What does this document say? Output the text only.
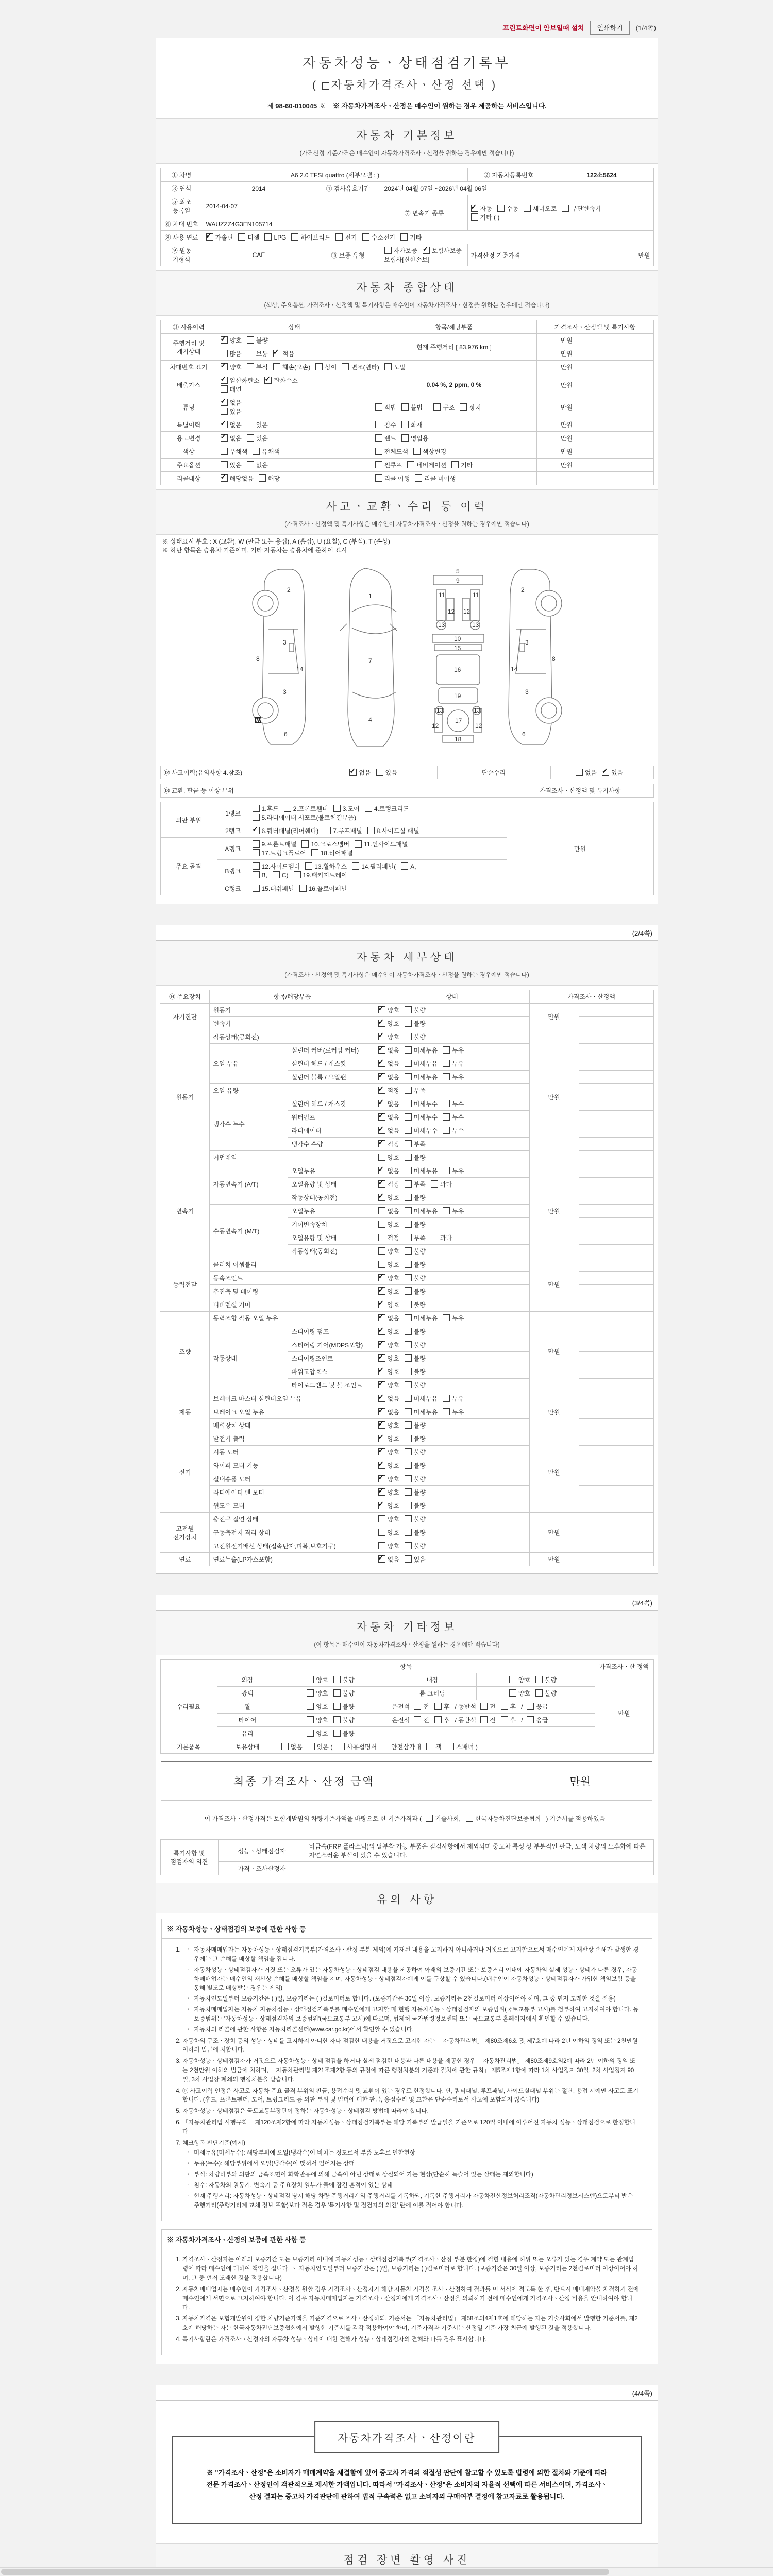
프린트화면이 안보일때 설치	인쇄하기	(1/4쪽)
자동차성능ㆍ상태점검기록부
( 자동차가격조사ㆍ산정 선택 )
제 98-60-010045 호 ※ 자동차가격조사ㆍ산정은 매수인이 원하는 경우 제공하는 서비스입니다.
자동차 기본정보
(가격산정 기준가격은 매수인이 자동차가격조사ㆍ산정을 원하는 경우에만 적습니다)
① 차명	A6 2.0 TFSI quattro (세부모델 : )			② 자동차등록번호	122소5624
③ 연식	2014	④ 검사유효기간	2024년 04월 07일 ~2026년 04월 06일		
⑤ 최초 등록일	2014-04-07		⑦ 변속기 종류	✓자동 수동 세미오토 무단변속기
기타 ( )
⑥ 차대 번호	WAUZZZ4G3EN105714				
⑧ 사용 연료	✓가솔린 디젤 LPG 하이브리드 전기 수소전기 기타
⑨ 원동 기형식	CAE	⑩ 보증 유형	자가보증 ✓ 보험사보증 보험사[신한손보]	가격산정 기준가격	만원
자동차 종합상태
(색상, 주요옵션, 가격조사ㆍ산정액 및 특기사항은 매수인이 자동차가격조사ㆍ산정을 원하는 경우에만 적습니다)
⑪ 사용이력	상태	항목/해당부품	가격조사ㆍ산정액 및 특기사항	
주행거리 및 계기상태	✓양호 불량	현재 주행거리 [ 83,976 km ]	만원	
	많음 보통 ✓ 적음		만원	
차대번호 표기	✓양호 부식 훼손(오손) 상이 변조(변타) 도말		만원	
배출가스	✓일산화탄소 ✓ 탄화수소
매연	0.04 %, 2 ppm, 0 %	만원	
튜닝	✓없음
있음	적법 불법 구조 장치	만원	
특별이력	✓없음 있음	침수 화재	만원	
용도변경	✓없음 있음	렌트 영업용	만원	
색상	무채색 유채색	전체도색 색상변경	만원	
주요옵션	있음 없음	썬루프 네비게이션 기타	만원	
리콜대상	✓해당없음 해당	리콜 이행 리콜 미이행		
사고ㆍ교환ㆍ수리 등 이력
(가격조사ㆍ산정액 및 특기사항은 매수인이 자동차가격조사ㆍ산정을 원하는 경우에만 적습니다)
※ 상태표시 부호 : X (교환), W (판금 또는 용접), A (흠집), U (요철), C (부식), T (손상)
※ 하단 항목은 승용차 기준이며, 기타 자동차는 승용차에 준하여 표시
2
3
8
14
3
6
W
1
7
4
5
9
11	11
12 12
13	13
10
15
16
19
13	13
12	12
17
18
2
3
8
14
3
6
⑫ 사고이력(유의사항 4.참조)	✓없음 있음	단순수리	없음 ✓ 있음
⑬ 교환, 판금 등 이상 부위	가격조사ㆍ산정액 및 특기사항
외판 부위	1랭크	1.후드 2.프론트휀더 3.도어 4.트렁크리드
5.라디에이터 서포트(볼트체결부품)	만원
	2랭크	✓6.쿼터패널(리어휀다) 7.루프패널 8.사이드실 패널
주요 골격	A랭크	9.프론트패널 10.크로스멤버 11.인사이드패널
17.트렁크플로어 18.리어패널	
	B랭크	12.사이드멤버 13.휠하우스 14.필러패널( A,
B, C) 19.패키지트레이	
	C랭크	15.대쉬패널 16.플로어패널	
(2/4쪽)
자동차 세부상태
(가격조사ㆍ산정액 및 특기사항은 매수인이 자동차가격조사ㆍ산정을 원하는 경우에만 적습니다)
⑭ 주요장치	항목/해당부품		상태	가격조사ㆍ산정액	
자기진단	원동기	✓양호 불량	만원	
	변속기	✓양호 불량	
원동기	작동상태(공회전)	✓양호 불량	만원	
	오일 누유	실린더 커버(로커암 커버)	✓없음 미세누유 누유	
		실린더 헤드 / 개스킷	✓없음 미세누유 누유	
		실린더 블록 / 오일팬	✓없음 미세누유 누유	
	오일 유량	✓적정 부족	
	냉각수 누수	실린더 헤드 / 개스킷	✓없음 미세누수 누수	
		워터펌프	✓없음 미세누수 누수	
		라디에이터	✓없음 미세누수 누수	
		냉각수 수량	✓적정 부족	
	커먼레일		양호 불량		
변속기	자동변속기 (A/T)	오일누유	✓없음 미세누유 누유	만원	
		오일유량 및 상태	✓적정 부족 과다	
		작동상태(공회전)	✓양호 불량	
	수동변속기 (M/T)	오일누유	없음 미세누유 누유		
		기어변속장치	양호 불량		
		오일유량 및 상태	적정 부족 과다		
		작동상태(공회전)	양호 불량		
동력전달	클러치 어셈블리		양호 불량	만원	
	등속조인트	✓양호 불량	
	추진축 및 베어링	✓양호 불량	
	디퍼렌셜 기어	✓양호 불량	
조향	동력조향 작동 오일 누유	✓없음 미세누유 누유	만원	
	작동상태	스티어링 펌프	✓양호 불량	
		스티어링 기어(MDPS포함)	✓양호 불량	
		스티어링조인트	✓양호 불량	
		파워고압호스	✓양호 불량	
		타이로드엔드 및 볼 조인트	✓양호 불량	
제동	브레이크 마스터 실린더오일 누유	✓없음 미세누유 누유	만원	
	브레이크 오일 누유	✓없음 미세누유 누유	
	배력장치 상태	✓양호 불량	
전기	발전기 출력	✓양호 불량	만원	
	시동 모터	✓양호 불량	
	와이퍼 모터 기능	✓양호 불량	
	실내송풍 모터	✓양호 불량	
	라디에이터 팬 모터	✓양호 불량	
	윈도우 모터	✓양호 불량	
고전원 전기장치	충전구 절연 상태		양호 불량	만원	
	구동축전지 격리 상태		양호 불량		
	고전원전기배선 상태(접속단자,피복,보호기구)		양호 불량		
연료	연료누출(LP가스포함)	✓없음 있음	만원	
(3/4쪽)
자동차 기타정보
(이 항목은 매수인이 자동차가격조사ㆍ산정을 원하는 경우에만 적습니다)
	항목				가격조사ㆍ산 정액
수리필요	외장	양호 불량	내장	양호 불량	만원
	광택	양호 불량	룸 크리닝	양호 불량	
	휠	양호 불량	운전석 전 후 / 동반석 전 후 / 응급		
	타이어	양호 불량	운전석 전 후 / 동반석 전 후 / 응급		
	유리	양호 불량			
기본품목	보유상태	없음 있음 ( 사용설명서 안전삼각대 잭 스패너 )			
최종 가격조사ㆍ산정 금액	만원
이 가격조사ㆍ산정가격은 보험개발원의 차량기준가액을 바탕으로 한 기준가격과 ( 기술사회, 한국자동차진단보증협회 ) 기준서를 적용하였음
특기사항 및 점검자의 의견	성능ㆍ상태점검자	비금속(FRP 플라스틱)의 탈부착 가능 부품은 점검사항에서 제외되며 중고차 특성 상 부분적인 판금, 도색 차량의 노후화에 따른 자연스러운 부식이 있을 수 있습니다.
	가격ㆍ조사산정자	
유의 사항
※ 자동차성능ㆍ상태점검의 보증에 관한 사항 등
◦ 1. 자동차매매업자는 자동차성능ㆍ상태점검기록부(가격조사ㆍ산정 부분 제외)에 기재된 내용을 고지하지 아니하거나 거짓으로 고지함으로써 매수인에게 재산상 손해가 발생한 경우에는 그 손해를 배상할 책임을 집니다.
◦ 자동차성능ㆍ상태점검자가 거짓 또는 오류가 있는 자동차성능ㆍ상태점검 내용을 제공하여 아래의 보증기간 또는 보증거리 이내에 자동차의 실제 성능ㆍ상태가 다른 경우, 자동차매매업자는 매수인의 재산상 손해를 배상할 책임을 지며, 자동차성능ㆍ상태점검자에게 이를 구상할 수 있습니다.(매수인이 자동차성능ㆍ상태점검자가 가입한 책임보험 등을 통해 별도로 배상받는 경우는 제외)
◦ 자동차인도일부터 보증기간은 ( )일, 보증거리는 ( )킬로미터로 합니다. (보증기간은 30일 이상, 보증거리는 2천킬로미터 이상이어야 하며, 그 중 먼저 도래한 것을 적용)
◦ 자동차매매업자는 자동차 자동차성능ㆍ상태점검기록부를 매수인에게 고지할 때 현행 자동차성능ㆍ상태점검자의 보증범위(국토교통부 고시)를 첨부하여 고지하여야 합니다. 동 보증범위는 '자동차성능ㆍ상태점검자의 보증범위'(국토교통부 고시)에 따르며, 법제처 국가법령정보센터 또는 국토교통부 홈페이지에서 확인할 수 있습니다.
◦ 자동차의 리콜에 관한 사항은 자동차리콜센터(www.car.go.kr)에서 확인할 수 있습니다.
2. 자동차의 구조ㆍ장치 등의 성능ㆍ상태를 고지하지 아니한 자나 점검한 내용을 거짓으로 고지한 자는 「자동차관리법」 제80조제6호 및 제7호에 따라 2년 이하의 징역 또는 2천만원 이하의 벌금에 처합니다.
3. 자동차성능ㆍ상태점검자가 거짓으로 자동차성능ㆍ상태 점검을 하거나 실제 점검한 내용과 다른 내용을 제공한 경우 「자동차관리법」 제80조제9호의2에 따라 2년 이하의 징역 또는 2천만원 이하의 벌금에 처하며, 「자동차관리법 제21조제2항 등의 규정에 따른 행정처분의 기준과 절차에 관한 규칙」 제5조제1항에 따라 1차 사업정지 30일, 2차 사업정지 90일, 3차 사업장 폐쇄의 행정처분을 받습니다.
4. ⑫ 사고이력 인정은 사고로 자동차 주요 골격 부위의 판금, 용접수리 및 교환이 있는 경우로 한정합니다. 단, 쿼터패널, 루프패널, 사이드실패널 부위는 절단, 용접 시에만 사고로 표기합니다. (후드, 프론트펜더, 도어, 트렁크리드 등 외판 부위 및 범퍼에 대한 판금, 용접수리 및 교환은 단순수리로서 사고에 포함되지 않습니다)
5. 자동차성능ㆍ상태점검은 국토교통부장관이 정하는 자동차성능ㆍ상태점검 방법에 따라야 합니다.
6. 「자동차관리법 시행규칙」 제120조제2항에 따라 자동차성능ㆍ상태점검기록부는 해당 기록부의 발급일을 기준으로 120일 이내에 이루어진 자동차 성능ㆍ상태점검으로 한정합니다
7. 체크항목 판단기준(예시)
◦ 미세누유(미세누수): 해당부위에 오일(냉각수)이 비치는 정도로서 부품 노후로 인한현상
◦ 누유(누수): 해당부위에서 오일(냉각수)이 맺혀서 떨어지는 상태
◦ 부식: 차량하부와 외판의 금속표면이 화학반응에 의해 금속이 아닌 상태로 상실되어 가는 현상(단순히 녹슬어 있는 상태는 제외합니다)
◦ 침수: 자동차의 원동기, 변속기 등 주요장치 일부가 물에 잠긴 흔적이 있는 상태
◦ 현재 주행거리: 자동차성능ㆍ상태점검 당시 해당 차량 주행거리계의 주행거리를 기록하되, 기록한 주행거리가 자동차전산정보처리조직(자동차관리정보시스템)으로부터 받은 주행거리(주행거리계 교체 정보 포함)보다 적은 경우 '특기사항 및 점검자의 의견' 란에 이를 적어야 합니다.
※ 자동차가격조사ㆍ산정의 보증에 관한 사항 등
1. 가격조사ㆍ산정자는 아래의 보증기간 또는 보증거리 이내에 자동차성능ㆍ상태점검기록부(가격조사ㆍ산정 부분 한정)에 적힌 내용에 허위 또는 오류가 있는 경우 계약 또는 관계법령에 따라 매수인에 대하여 책임을 집니다. ㆍ 자동차인도일부터 보증기간은 ( )일, 보증거리는 ( )킬로미터로 합니다. (보증기간은 30일 이상, 보증거리는 2천킬로미터 이상이어야 하며, 그 중 먼저 도래한 것을 적용합니다)
2. 자동차매매업자는 매수인이 가격조사ㆍ산정을 원할 경우 가격조사ㆍ산정자가 해당 자동차 가격을 조사ㆍ산정하여 결과를 이 서식에 적도록 한 후, 반드시 매매계약을 체결하기 전에 매수인에게 서면으로 고지하여야 합니다. 이 경우 자동차매매업자는 가격조사ㆍ산정자에게 가격조사ㆍ산정을 의뢰하기 전에 매수인에게 가격조사ㆍ산정 비용을 안내하여야 합니다.
3. 자동차가격은 보험개발원이 정한 차량기준가액을 기준가격으로 조사ㆍ산정하되, 기준서는 「자동차관리법」 제58조의4제1호에 해당하는 자는 기술사회에서 발행한 기준서를, 제2호에 해당하는 자는 한국자동차진단보증협회에서 발행한 기준서를 각각 적용하여야 하며, 기준가격과 기준서는 산정일 기준 가장 최근에 발행된 것을 적용합니다.
4. 특기사항란은 가격조사ㆍ산정자의 자동차 성능ㆍ상태에 대한 견해가 성능ㆍ상태점검자의 견해와 다를 경우 표시합니다.
(4/4쪽)
자동차가격조사ㆍ산정이란
※ "가격조사ㆍ산정"은 소비자가 매매계약을 체결함에 있어 중고차 가격의 적절성 판단에 참고할 수 있도록 법령에 의한 절차와 기준에 따라 전문 가격조사ㆍ산정인이 객관적으로 제시한 가액입니다. 따라서 "가격조사ㆍ산정"은 소비자의 자율적 선택에 따른 서비스이며, 가격조사ㆍ산정 결과는 중고차 가격판단에 관하여 법적 구속력은 없고 소비자의 구매여부 결정에 참고자료로 활용됩니다.
점검 장면 촬영 사진
